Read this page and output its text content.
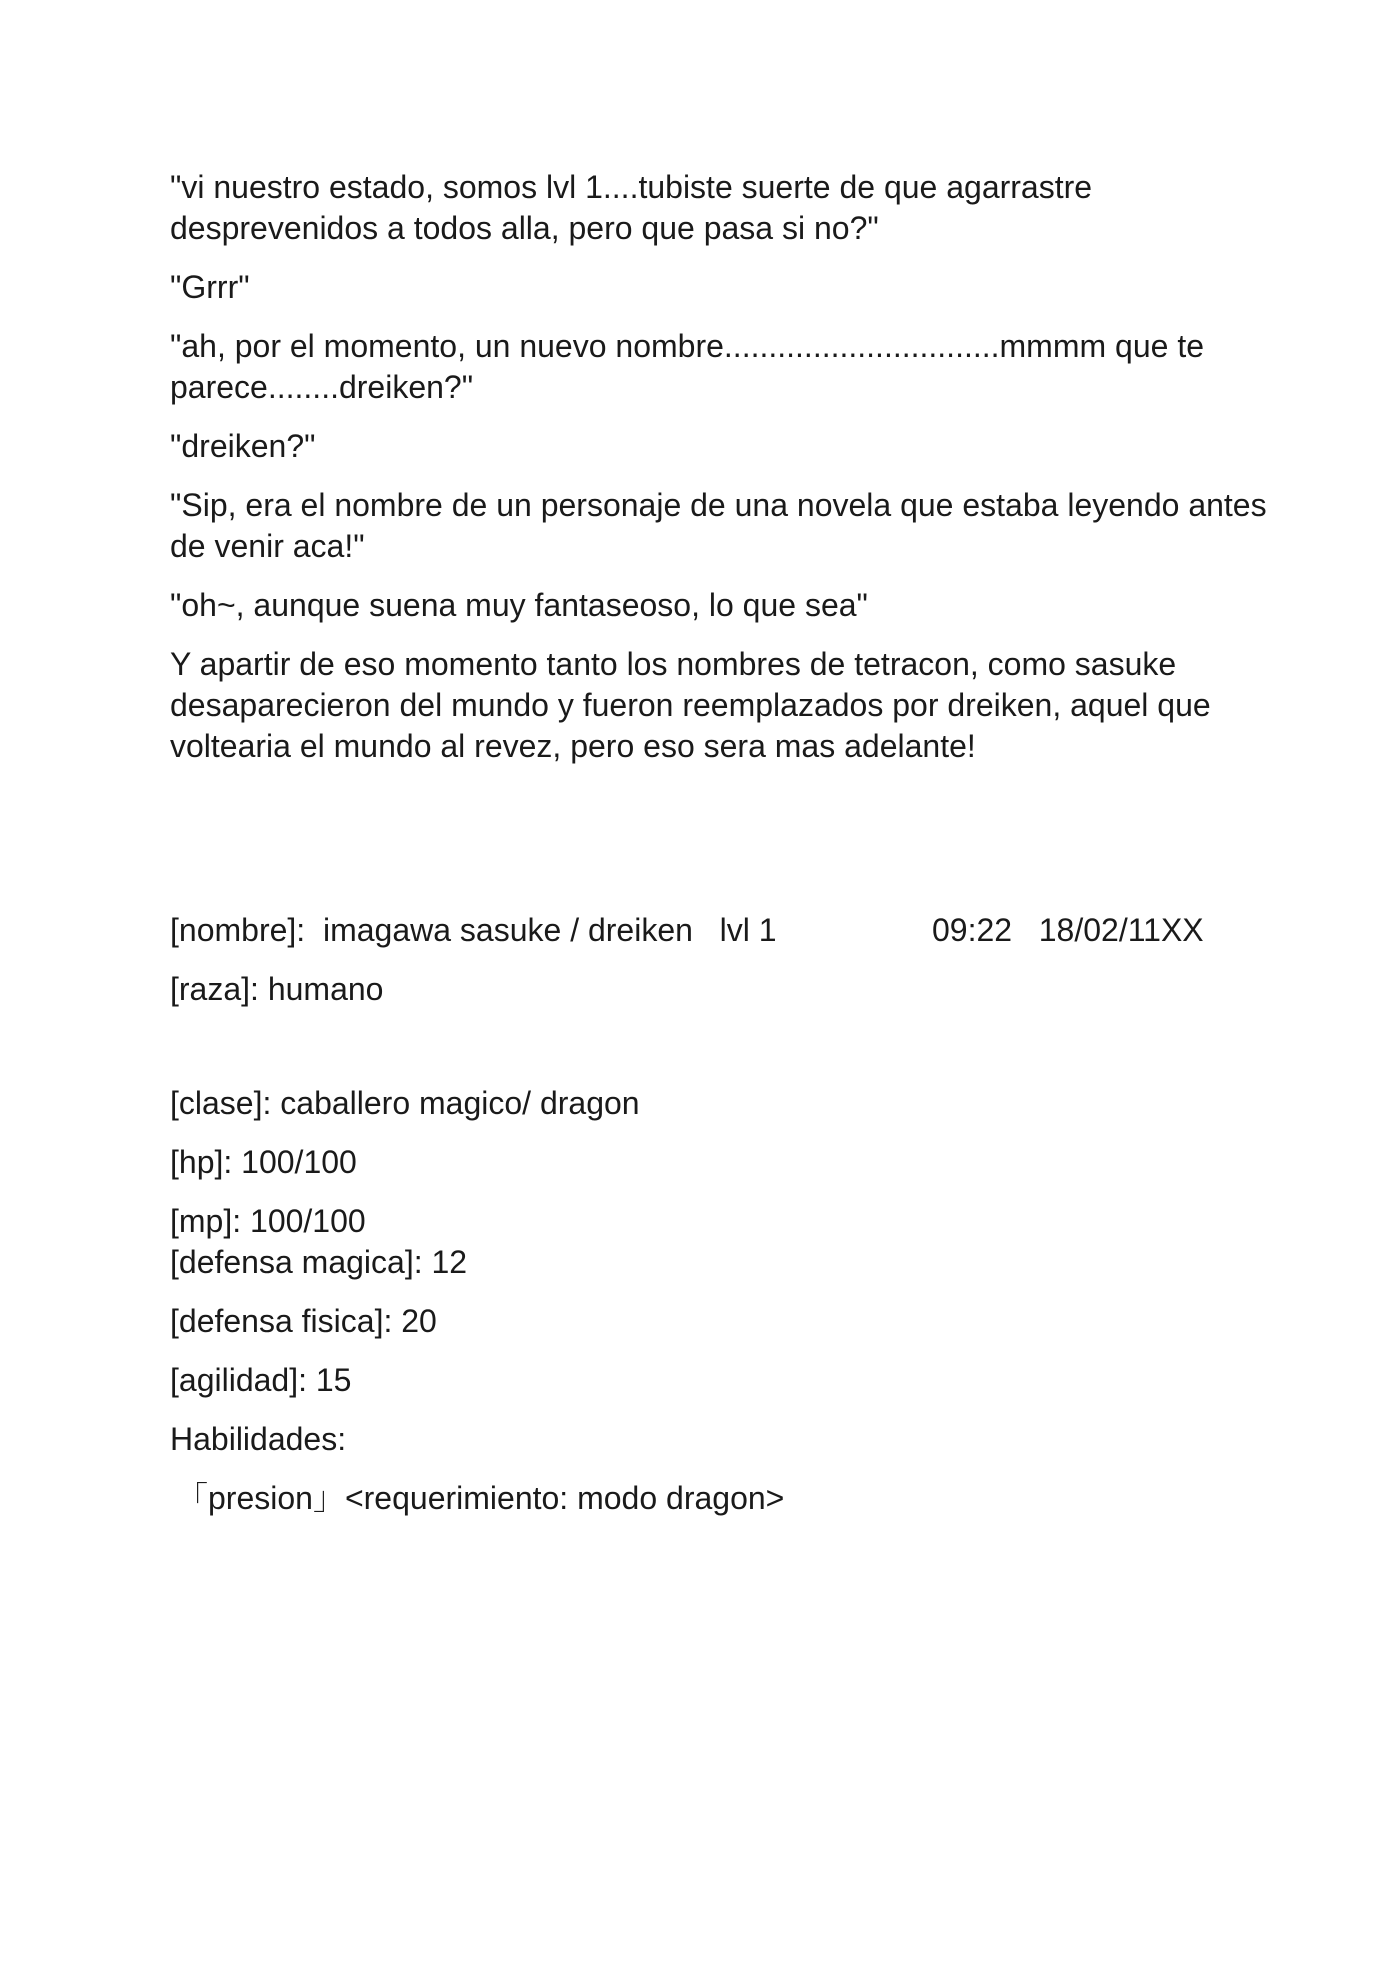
"vi nuestro estado, somos lvl 1....tubiste suerte de que agarrastre desprevenidos a todos alla, pero que pasa si no?"

"Grrr"

"ah, por el momento, un nuevo nombre...............................mmmm que te parece........dreiken?"

"dreiken?"

"Sip, era el nombre de un personaje de una novela que estaba leyendo antes de venir aca!"

"oh~, aunque suena muy fantaseoso, lo que sea"

Y apartir de eso momento tanto los nombres de tetracon, como sasuke desaparecieron del mundo y fueron reemplazados por dreiken, aquel que voltearia el mundo al revez, pero eso sera mas adelante!

[nombre]:  imagawa sasuke / dreiken   lvl 1	09:22 18/02/11XX
[raza]: humano
[clase]: caballero magico/ dragon
[hp]: 100/100
[mp]: 100/100
[defensa magica]: 12
[defensa fisica]: 20
[agilidad]: 15
Habilidades:
「presion」<requerimiento: modo dragon>
